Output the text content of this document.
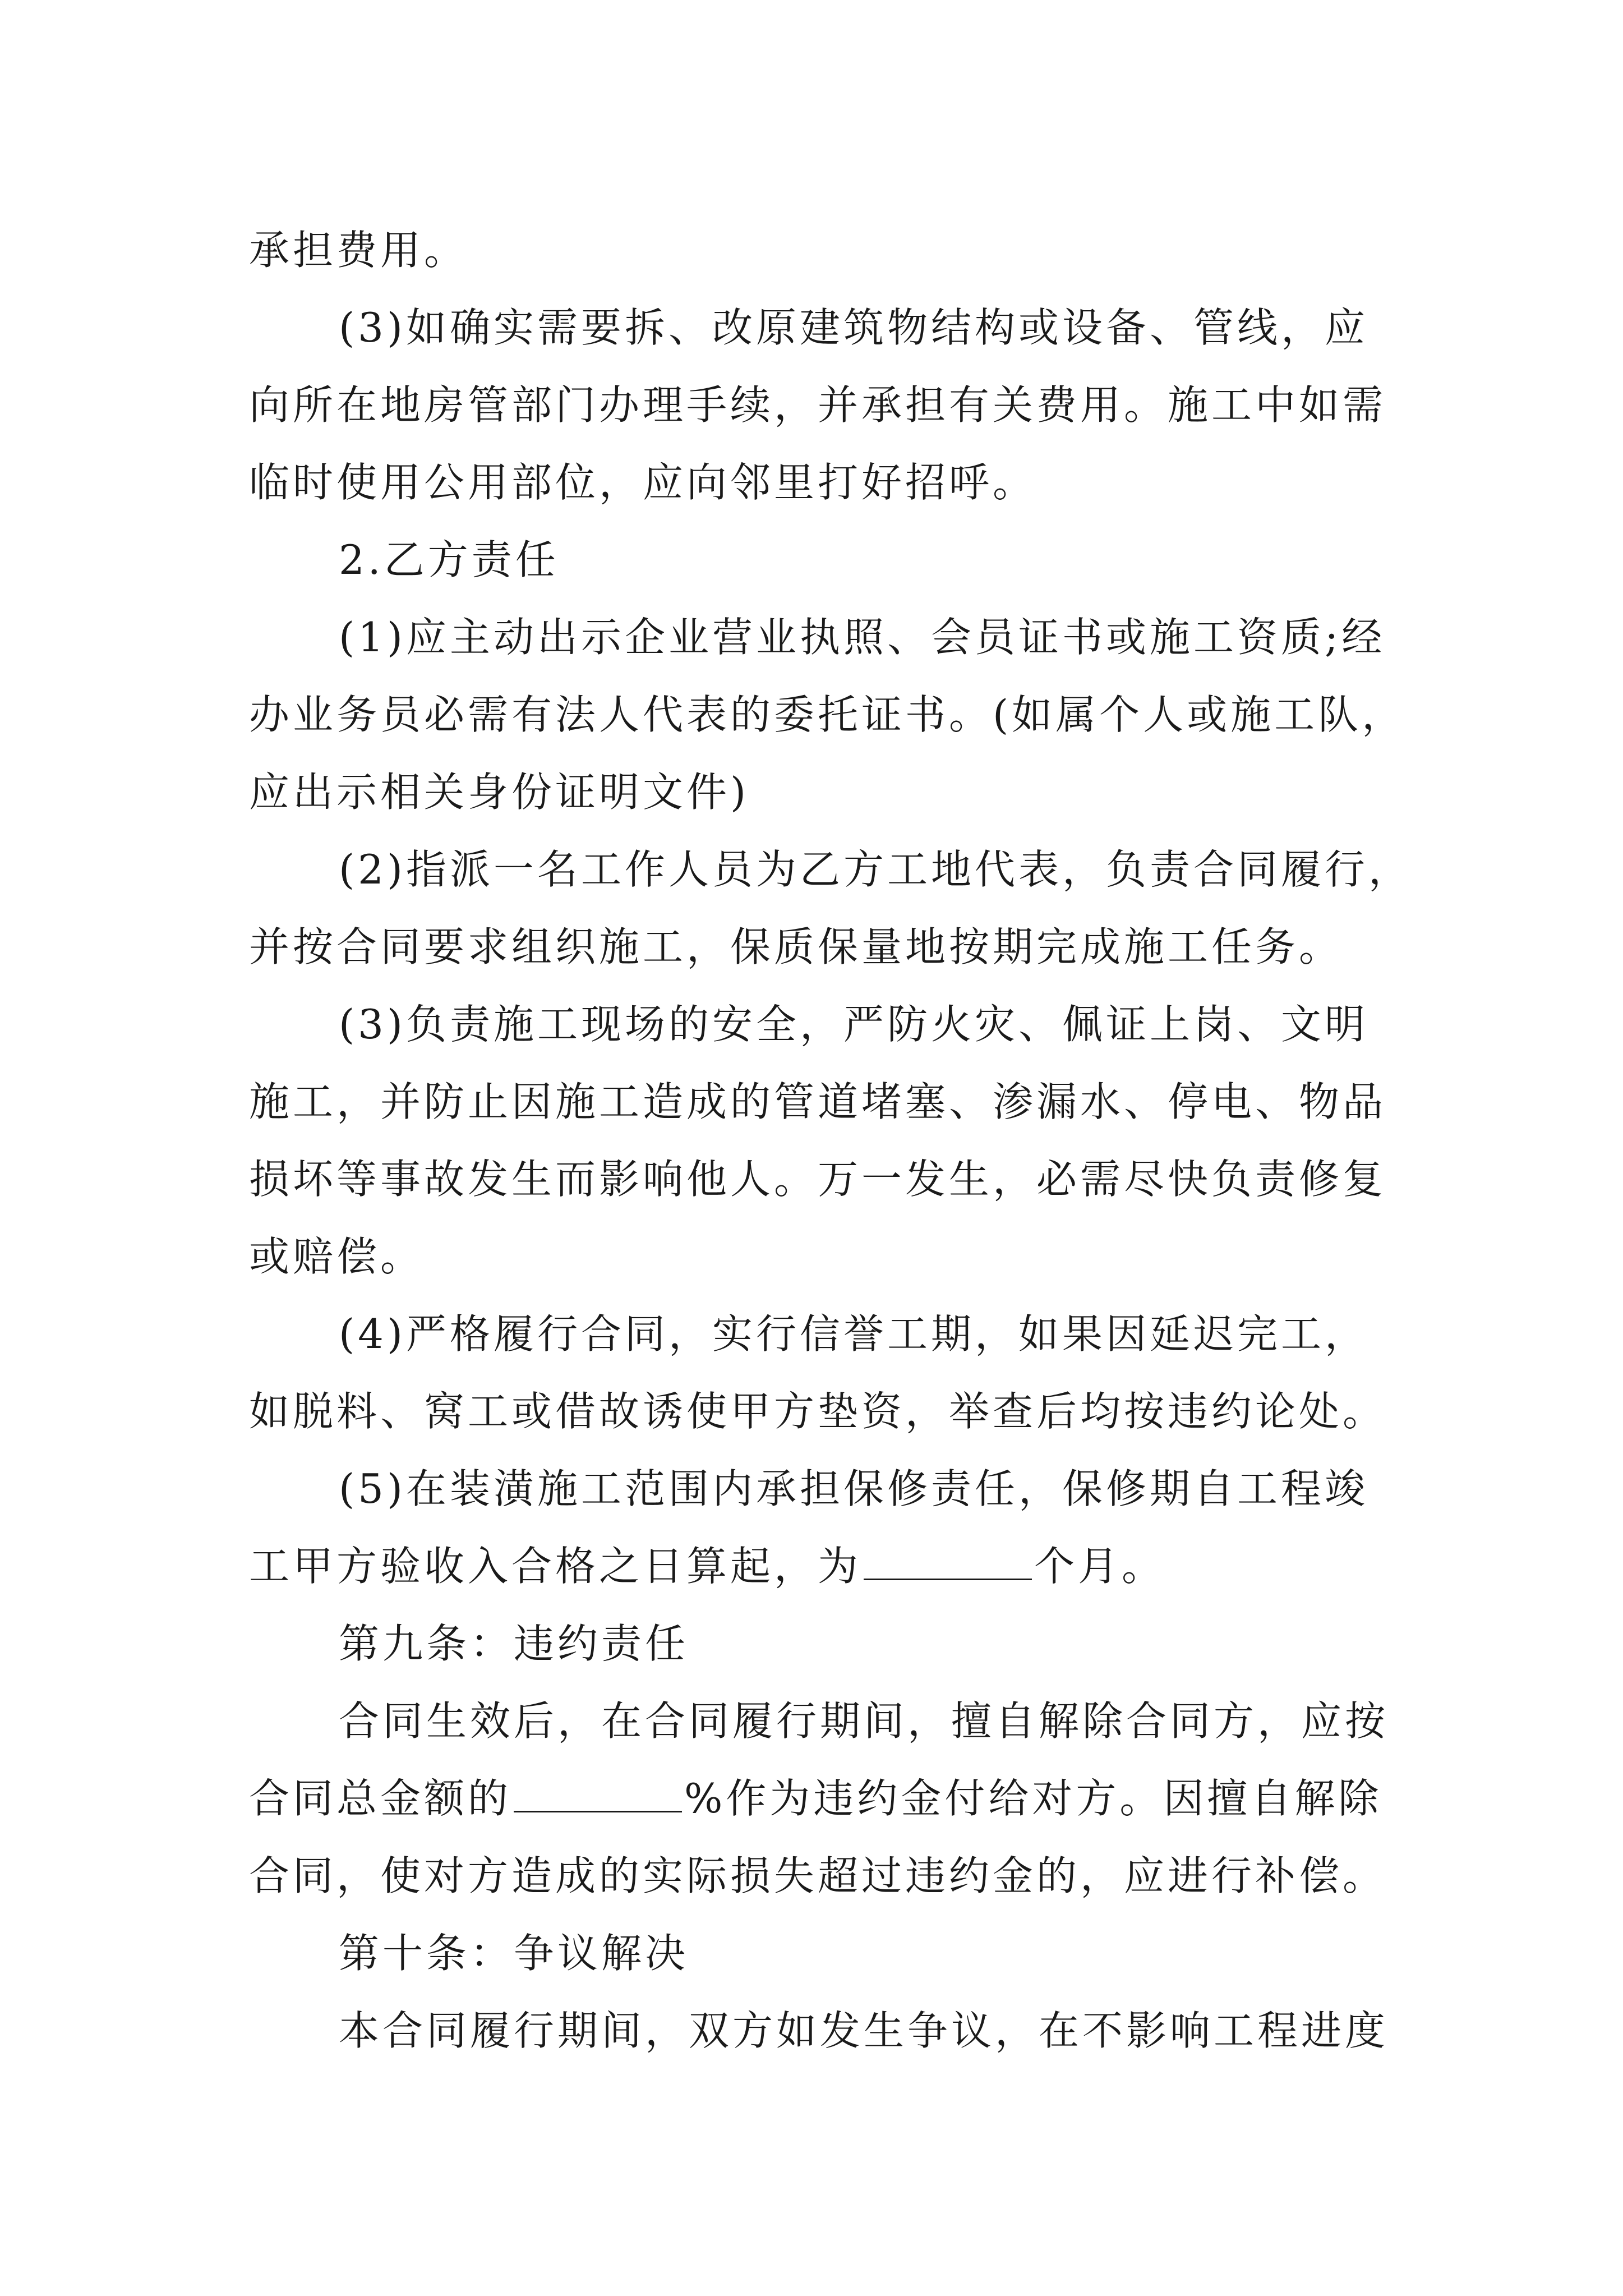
承担费用。
(3)如确实需要拆、改原建筑物结构或设备、管线，应
向所在地房管部门办理手续，并承担有关费用。施工中如需
临时使用公用部位，应向邻里打好招呼。
2.乙方责任
(1)应主动出示企业营业执照、会员证书或施工资质;经
办业务员必需有法人代表的委托证书。(如属个人或施工队，
应出示相关身份证明文件)
(2)指派一名工作人员为乙方工地代表，负责合同履行，
并按合同要求组织施工，保质保量地按期完成施工任务。
(3)负责施工现场的安全，严防火灾、佩证上岗、文明
施工，并防止因施工造成的管道堵塞、渗漏水、停电、物品
损坏等事故发生而影响他人。万一发生，必需尽快负责修复
或赔偿。
(4)严格履行合同，实行信誉工期，如果因延迟完工，
如脱料、窝工或借故诱使甲方垫资，举查后均按违约论处。
(5)在装潢施工范围内承担保修责任，保修期自工程竣
工甲方验收入合格之日算起，为	个月。
第九条：违约责任
合同生效后，在合同履行期间，擅自解除合同方，应按
合同总金额的	%作为违约金付给对方。因擅自解除
合同，使对方造成的实际损失超过违约金的，应进行补偿。
第十条：争议解决
本合同履行期间，双方如发生争议，在不影响工程进度
